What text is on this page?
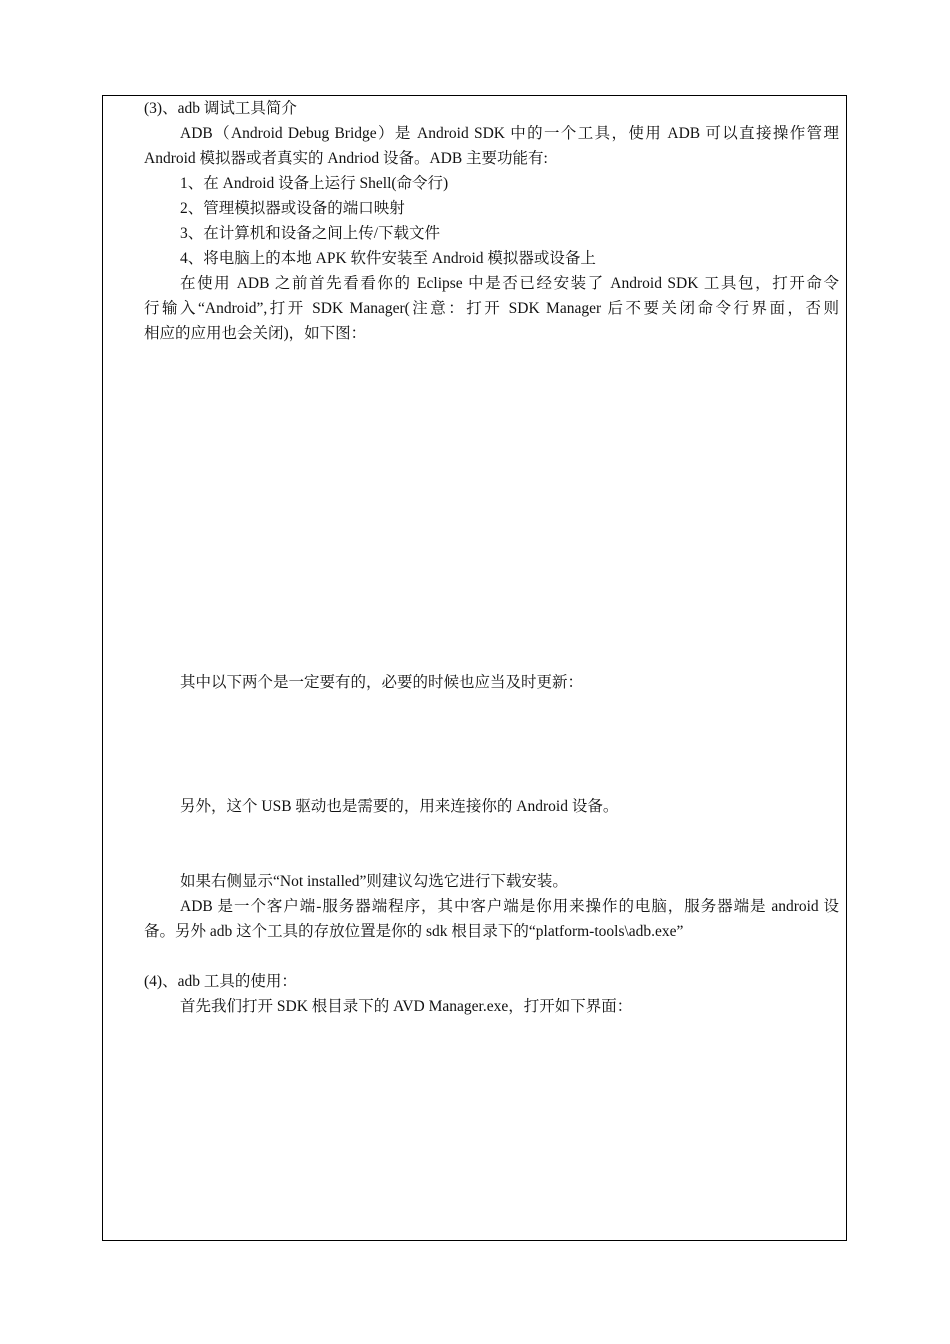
(3)、adb 调试工具简介
ADB（Android Debug Bridge）是 Android SDK 中的一个工具，使用 ADB 可以直接操作管理
Android 模拟器或者真实的 Andriod 设备。ADB 主要功能有:
1、在 Android 设备上运行 Shell(命令行)
2、管理模拟器或设备的端口映射
3、在计算机和设备之间上传/下载文件
4、将电脑上的本地 APK 软件安装至 Android 模拟器或设备上
在使用 ADB 之前首先看看你的 Eclipse 中是否已经安装了 Android SDK 工具包，打开命令
行输入“Android”,打开 SDK Manager(注意：打开 SDK Manager 后不要关闭命令行界面，否则
相应的应用也会关闭)，如下图：
其中以下两个是一定要有的，必要的时候也应当及时更新：
另外，这个 USB 驱动也是需要的，用来连接你的 Android 设备。
如果右侧显示“Not installed”则建议勾选它进行下载安装。
ADB 是一个客户端-服务器端程序，其中客户端是你用来操作的电脑，服务器端是 android 设
备。另外 adb 这个工具的存放位置是你的 sdk 根目录下的“platform-tools\adb.exe”
(4)、adb 工具的使用：
首先我们打开 SDK 根目录下的 AVD Manager.exe，打开如下界面：
